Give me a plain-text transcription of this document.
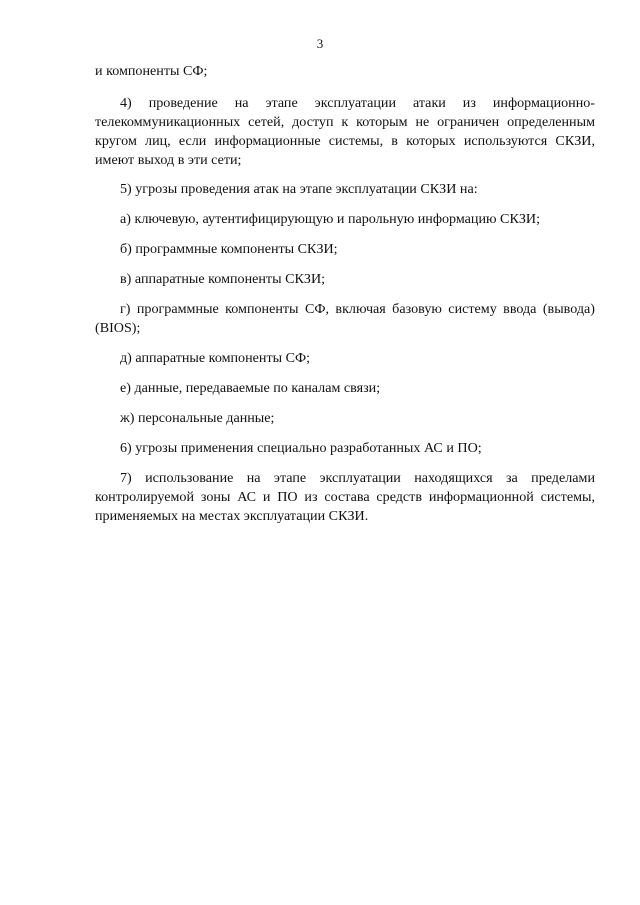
3

и компоненты СФ;

4) проведение на этапе эксплуатации атаки из информационно-телекоммуникационных сетей, доступ к которым не ограничен определенным кругом лиц, если информационные системы, в которых используются СКЗИ, имеют выход в эти сети;

5) угрозы проведения атак на этапе эксплуатации СКЗИ на:

а) ключевую, аутентифицирующую и парольную информацию СКЗИ;

б) программные компоненты СКЗИ;

в) аппаратные компоненты СКЗИ;

г) программные компоненты СФ, включая базовую систему ввода (вывода) (BIOS);

д) аппаратные компоненты СФ;

е) данные, передаваемые по каналам связи;

ж) персональные данные;

6) угрозы применения специально разработанных АС и ПО;

7) использование на этапе эксплуатации находящихся за пределами контролируемой зоны АС и ПО из состава средств информационной системы, применяемых на местах эксплуатации СКЗИ.
